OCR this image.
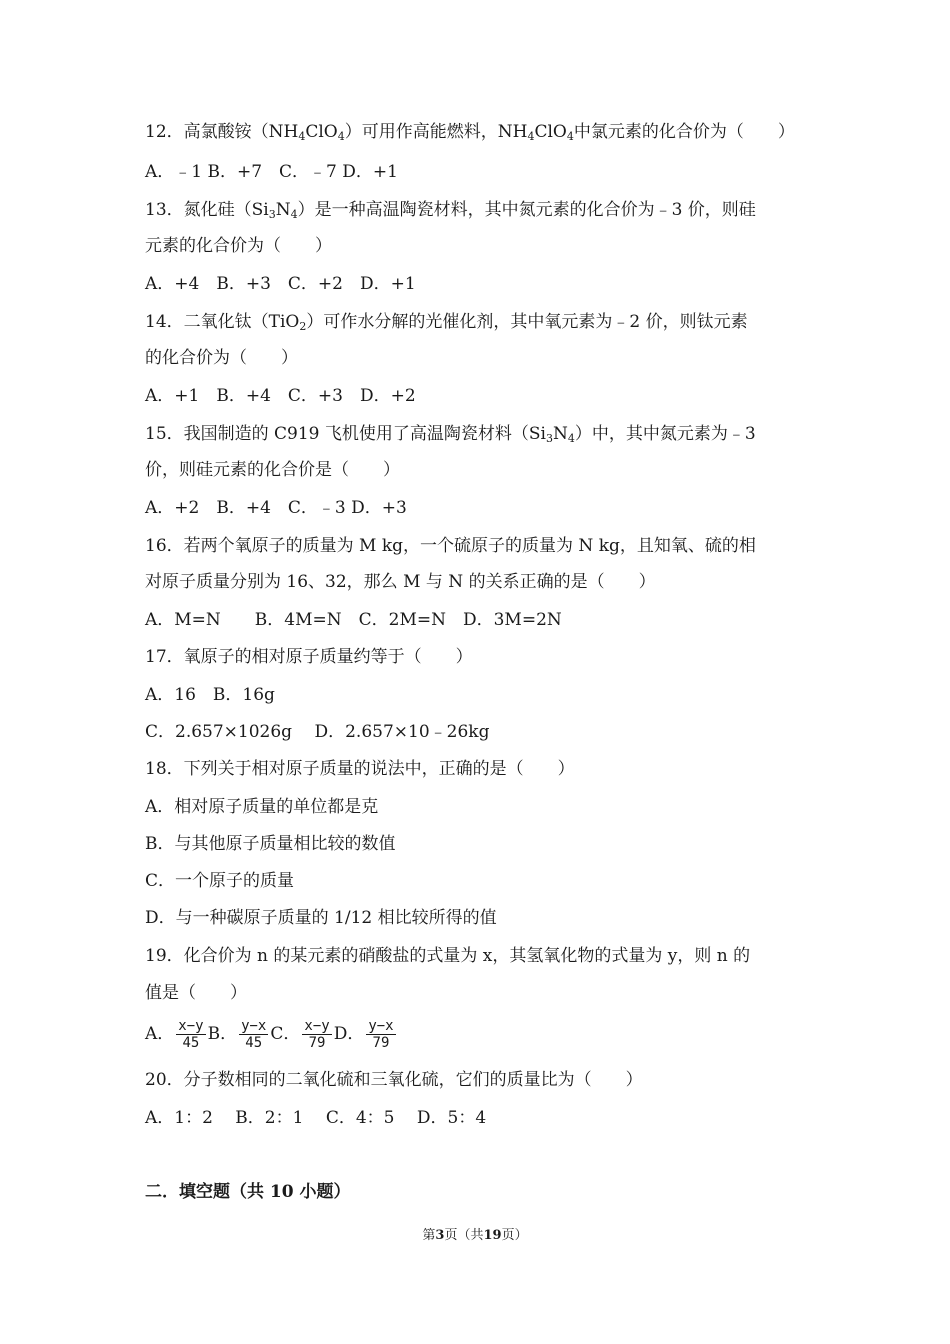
12．高氯酸铵$(NH_4ClO_4)$可用作高能燃料，$NH_4ClO_4$中氯元素的化合价为（　　）
A．﹣1 B．+7　C．﹣7 D．+1
13．氮化硅$(Si_3N_4)$是一种高温陶瓷材料，其中氮元素的化合价为﹣3 价，则硅
元素的化合价为（　　）
A．+4　B．+3　C．+2　D．+1
14．二氧化钛（TiO$_2$）可作水分解的光催化剂，其中氧元素为﹣2 价，则钛元素
的化合价为（　　）
A．+1　B．+4　C．+3　D．+2
15．我国制造的 C919 飞机使用了高温陶瓷材料$(Si_3N_4)$中，其中氮元素为﹣3
价，则硅元素的化合价是（　　）
A．+2　B．+4　C．﹣3 D．+3
16．若两个氧原子的质量为 M kg，一个硫原子的质量为 N kg，且知氧、硫的相
对原子质量分别为 16、32，那么 M 与 N 的关系正确的是（　　）
A．M=N　　B．4M=N　C．2M=N　D．3M=2N
17．氧原子的相对原子质量约等于（　　）
A．16　B．16g
C．2.657×1026g　 D．2.657×10﹣26kg
18．下列关于相对原子质量的说法中，正确的是（　　）
A．相对原子质量的单位都是克
B．与其他原子质量相比较的数值
C．一个原子的质量
D．与一种碳原子质量的 1/12 相比较所得的值
19．化合价为 n 的某元素的硝酸盐的式量为 x，其氢氧化物的式量为 y，则 n 的
值是（　　）
A． $\frac{x-y}{45}$ B． $\frac{y-x}{45}$ C． $\frac{x-y}{79}$ D． $\frac{y-x}{79}$
20．分子数相同的二氧化硫和三氧化硫，它们的质量比为（　　）
A．1：2　 B．2：1　 C．4：5　 D．5：4
二．填空题（共 10 小题）
第3页（共19页）
